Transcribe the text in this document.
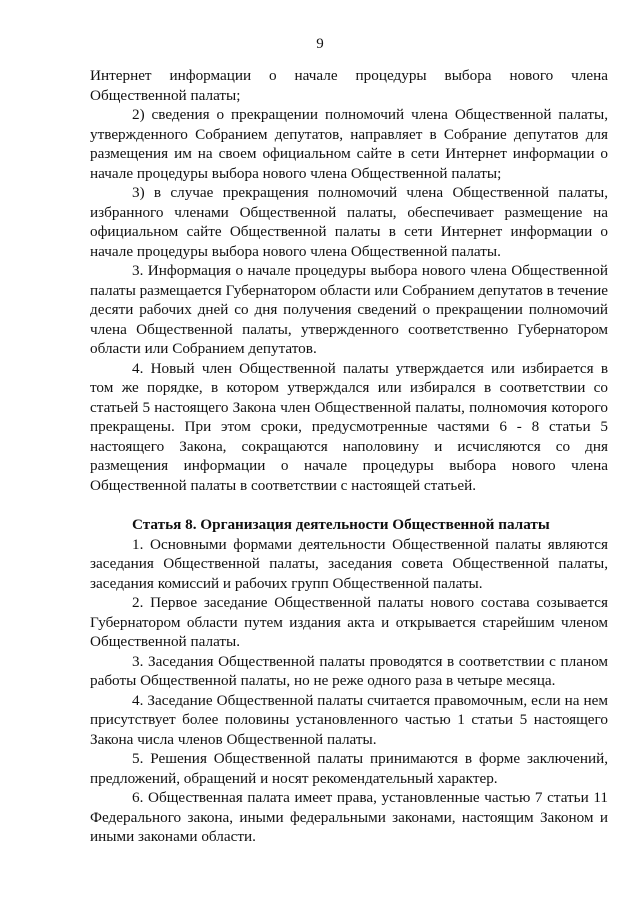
9

Интернет информации о начале процедуры выбора нового члена Общественной палаты;

2) сведения о прекращении полномочий члена Общественной палаты, утвержденного Собранием депутатов, направляет в Собрание депутатов для размещения им на своем официальном сайте в сети Интернет информации о начале процедуры выбора нового члена Общественной палаты;

3) в случае прекращения полномочий члена Общественной палаты, избранного членами Общественной палаты, обеспечивает размещение на официальном сайте Общественной палаты в сети Интернет информации о начале процедуры выбора нового члена Общественной палаты.

3. Информация о начале процедуры выбора нового члена Общественной палаты размещается Губернатором области или Собранием депутатов в течение десяти рабочих дней со дня получения сведений о прекращении полномочий члена Общественной палаты, утвержденного соответственно Губернатором области или Собранием депутатов.

4. Новый член Общественной палаты утверждается или избирается в том же порядке, в котором утверждался или избирался в соответствии со статьей 5 настоящего Закона член Общественной палаты, полномочия которого прекращены. При этом сроки, предусмотренные частями 6 - 8 статьи 5 настоящего Закона, сокращаются наполовину и исчисляются со дня размещения информации о начале процедуры выбора нового члена Общественной палаты в соответствии с настоящей статьей.

Статья 8. Организация деятельности Общественной палаты

1. Основными формами деятельности Общественной палаты являются заседания Общественной палаты, заседания совета Общественной палаты, заседания комиссий и рабочих групп Общественной палаты.

2. Первое заседание Общественной палаты нового состава созывается Губернатором области путем издания акта и открывается старейшим членом Общественной палаты.

3. Заседания Общественной палаты проводятся в соответствии с планом работы Общественной палаты, но не реже одного раза в четыре месяца.

4. Заседание Общественной палаты считается правомочным, если на нем присутствует более половины установленного частью 1 статьи 5 настоящего Закона числа членов Общественной палаты.

5. Решения Общественной палаты принимаются в форме заключений, предложений, обращений и носят рекомендательный характер.

6. Общественная палата имеет права, установленные частью 7 статьи 11 Федерального закона, иными федеральными законами, настоящим Законом и иными законами области.
